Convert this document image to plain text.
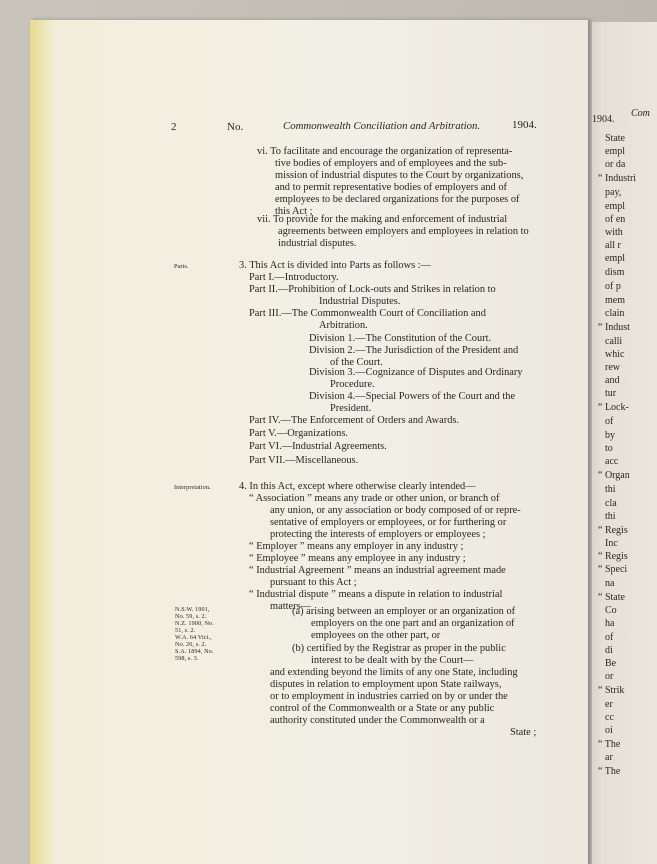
2	No.	Commonwealth Conciliation and Arbitration.	1904.
vi. To facilitate and encourage the organization of representa-
tive bodies of employers and of employees and the sub-
mission of industrial disputes to the Court by organizations,
and to permit representative bodies of employers and of
employees to be declared organizations for the purposes of
this Act ;
vii. To provide for the making and enforcement of industrial
agreements between employers and employees in relation to
industrial disputes.
Parts.	3. This Act is divided into Parts as follows :—
Part I.—Introductory.
Part II.—Prohibition of Lock-outs and Strikes in relation to
Industrial Disputes.
Part III.—The Commonwealth Court of Conciliation and
Arbitration.
Division 1.—The Constitution of the Court.
Division 2.—The Jurisdiction of the President and
of the Court.
Division 3.—Cognizance of Disputes and Ordinary
Procedure.
Division 4.—Special Powers of the Court and the
President.
Part IV.—The Enforcement of Orders and Awards.
Part V.—Organizations.
Part VI.—Industrial Agreements.
Part VII.—Miscellaneous.
Interpretation.	4. In this Act, except where otherwise clearly intended—
“ Association ” means any trade or other union, or branch of
any union, or any association or body composed of or repre-
sentative of employers or employees, or for furthering or
protecting the interests of employers or employees ;
“ Employer ” means any employer in any industry ;
“ Employee ” means any employee in any industry ;
“ Industrial Agreement ” means an industrial agreement made
pursuant to this Act ;
“ Industrial dispute ” means a dispute in relation to industrial
matters—
N.S.W. 1901,
No. 59, s. 2.
N.Z. 1900, No.
51, s. 2.
W.A. 64 Vict.,
No. 20, s. 2.
S.A. 1894, No.
598, s. 3.
(a) arising between an employer or an organization of
employers on the one part and an organization of
employees on the other part, or
(b) certified by the Registrar as proper in the public
interest to be dealt with by the Court—
and extending beyond the limits of any one State, including
disputes in relation to employment upon State railways,
or to employment in industries carried on by or under the
control of the Commonwealth or a State or any public
authority constituted under the Commonwealth or a
State ;
1904.
Com
State
empl
or da
“ Industri
pay,
empl
of en
with
all r
empl
dism
of p
mem
clain
“ Indust
calli
whic
rew
and
tur
“ Lock-
of
by
to
acc
“ Organ
thi
cla
thi
“ Regis
Inc
“ Regis
“ Speci
na
“ State
Co
ha
of
di
Be
or
“ Strik
er
cc
oi
“ The
ar
“ The
